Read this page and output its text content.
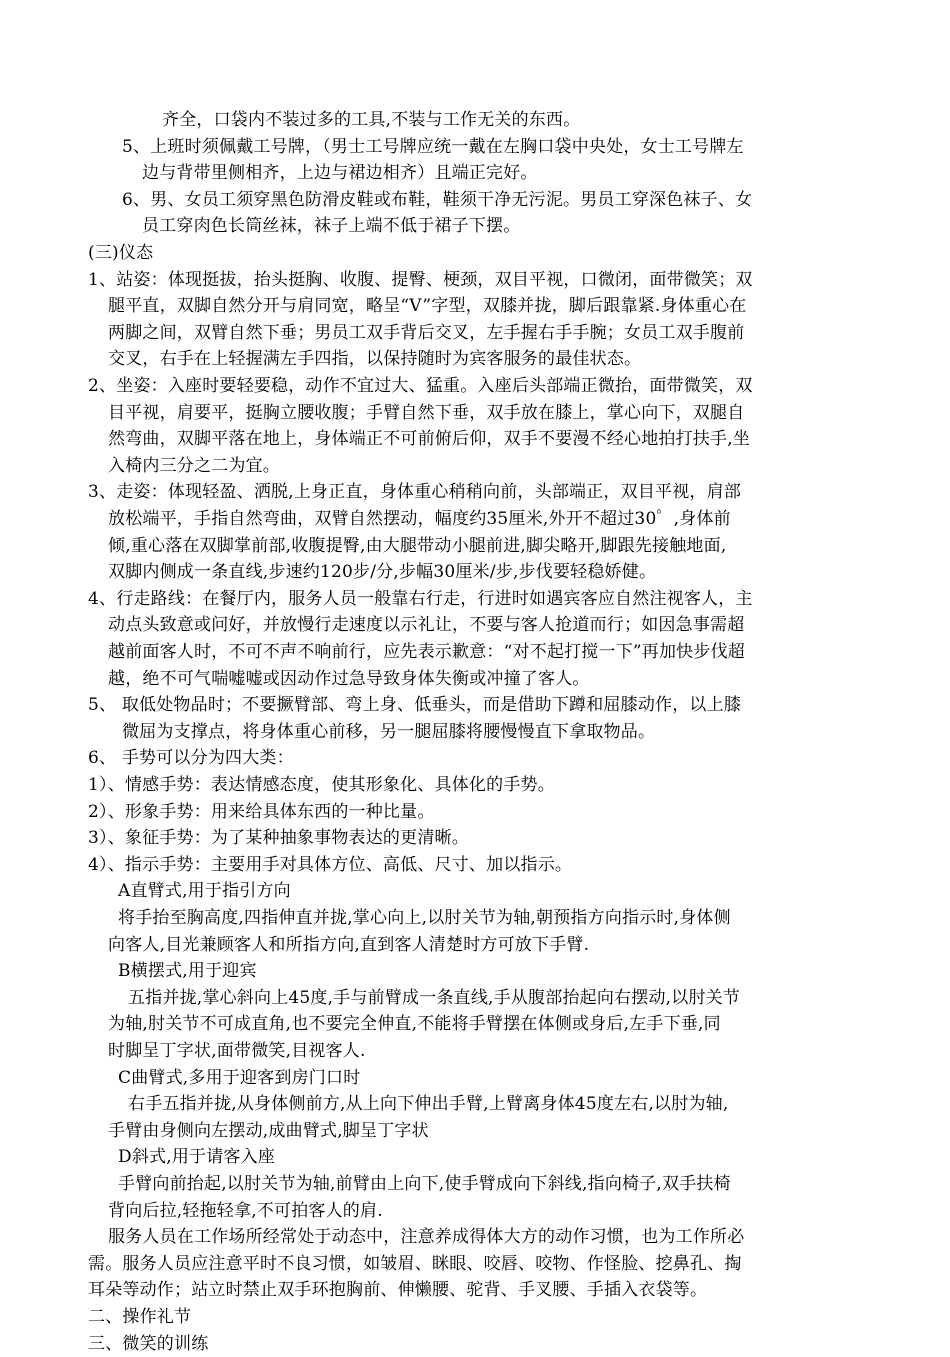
齐全，口袋内不装过多的工具,不装与工作无关的东西。
5、上班时须佩戴工号牌，（男士工号牌应统一戴在左胸口袋中央处，女士工号牌左
边与背带里侧相齐，上边与裙边相齐）且端正完好。
6、男、女员工须穿黑色防滑皮鞋或布鞋，鞋须干净无污泥。男员工穿深色袜子、女
员工穿肉色长筒丝袜，袜子上端不低于裙子下摆。
(三)仪态
1、站姿：体现挺拔，抬头挺胸、收腹、提臀、梗颈，双目平视，口微闭，面带微笑；双
腿平直，双脚自然分开与肩同宽，略呈“V”字型，双膝并拢，脚后跟靠紧.身体重心在
两脚之间，双臂自然下垂；男员工双手背后交叉，左手握右手手腕；女员工双手腹前
交叉，右手在上轻握满左手四指，以保持随时为宾客服务的最佳状态。
2、坐姿：入座时要轻要稳，动作不宜过大、猛重。入座后头部端正微抬，面带微笑，双
目平视，肩要平，挺胸立腰收腹；手臂自然下垂，双手放在膝上，掌心向下，双腿自
然弯曲，双脚平落在地上，身体端正不可前俯后仰，双手不要漫不经心地拍打扶手,坐
入椅内三分之二为宜。
3、走姿：体现轻盈、洒脱,上身正直，身体重心稍稍向前，头部端正，双目平视，肩部
放松端平，手指自然弯曲，双臂自然摆动，幅度约35厘米,外开不超过30゜,身体前
倾,重心落在双脚掌前部,收腹提臀,由大腿带动小腿前进,脚尖略开,脚跟先接触地面,
双脚内侧成一条直线,步速约120步/分,步幅30厘米/步,步伐要轻稳娇健。
4、行走路线：在餐厅内，服务人员一般靠右行走，行进时如遇宾客应自然注视客人，主
动点头致意或问好，并放慢行走速度以示礼让，不要与客人抢道而行；如因急事需超
越前面客人时，不可不声不响前行，应先表示歉意：“对不起打搅一下”再加快步伐超
越，绝不可气喘嘘嘘或因动作过急导致身体失衡或冲撞了客人。
5、 取低处物品时；不要撅臂部、弯上身、低垂头，而是借助下蹲和屈膝动作，以上膝
微屈为支撑点，将身体重心前移，另一腿屈膝将腰慢慢直下拿取物品。
6、 手势可以分为四大类：
1）、情感手势：表达情感态度，使其形象化、具体化的手势。
2）、形象手势：用来给具体东西的一种比量。
3）、象征手势：为了某种抽象事物表达的更清晰。
4）、指示手势：主要用手对具体方位、高低、尺寸、加以指示。
A直臂式,用于指引方向
将手抬至胸高度,四指伸直并拢,掌心向上,以肘关节为轴,朝预指方向指示时,身体侧
向客人,目光兼顾客人和所指方向,直到客人清楚时方可放下手臂.
B横摆式,用于迎宾
五指并拢,掌心斜向上45度,手与前臂成一条直线,手从腹部抬起向右摆动,以肘关节
为轴,肘关节不可成直角,也不要完全伸直,不能将手臂摆在体侧或身后,左手下垂,同
时脚呈丁字状,面带微笑,目视客人.
C曲臂式,多用于迎客到房门口时
右手五指并拢,从身体侧前方,从上向下伸出手臂,上臂离身体45度左右,以肘为轴,
手臂由身侧向左摆动,成曲臂式,脚呈丁字状
D斜式,用于请客入座
手臂向前抬起,以肘关节为轴,前臂由上向下,使手臂成向下斜线,指向椅子,双手扶椅
背向后拉,轻拖轻拿,不可拍客人的肩.
服务人员在工作场所经常处于动态中，注意养成得体大方的动作习惯，也为工作所必
需。服务人员应注意平时不良习惯，如皱眉、眯眼、咬唇、咬物、作怪脸、挖鼻孔、掏
耳朵等动作；站立时禁止双手环抱胸前、伸懒腰、驼背、手叉腰、手插入衣袋等。
二、操作礼节
三、微笑的训练
